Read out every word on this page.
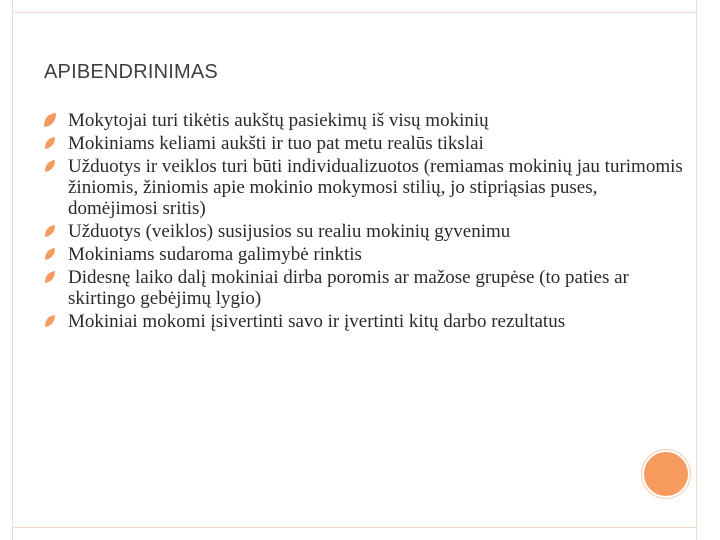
APIBENDRINIMAS
Mokytojai turi tikėtis aukštų pasiekimų iš visų mokinių
Mokiniams keliami aukšti ir tuo pat metu realūs tikslai
Užduotys ir veiklos turi būti individualizuotos (remiamas mokinių jau turimomis žiniomis, žiniomis apie mokinio mokymosi stilių, jo stipriąsias puses, domėjimosi sritis)
Užduotys (veiklos) susijusios su realiu mokinių gyvenimu
Mokiniams sudaroma galimybė rinktis
Didesnę laiko dalį mokiniai dirba poromis ar mažose grupėse (to paties ar skirtingo gebėjimų lygio)
Mokiniai mokomi įsivertinti savo ir įvertinti kitų darbo rezultatus
